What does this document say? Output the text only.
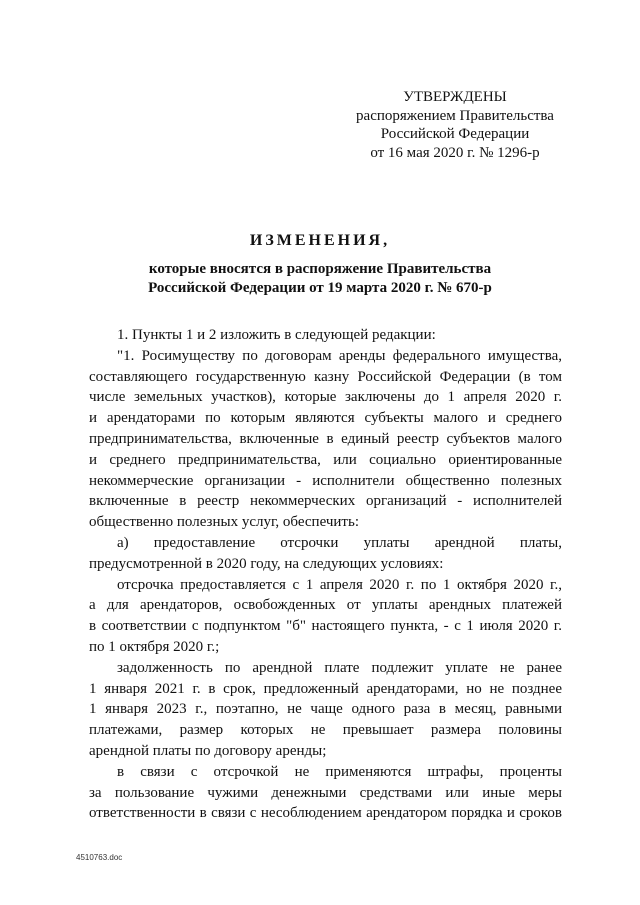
УТВЕРЖДЕНЫ
распоряжением Правительства
Российской Федерации
от 16 мая 2020 г. № 1296-р
ИЗМЕНЕНИЯ,
которые вносятся в распоряжение Правительства
Российской Федерации от 19 марта 2020 г. № 670-р
1. Пункты 1 и 2 изложить в следующей редакции:
"1. Росимуществу по договорам аренды федерального имущества,
составляющего государственную казну Российской Федерации (в том
числе земельных участков), которые заключены до 1 апреля 2020 г.
и арендаторами по которым являются субъекты малого и среднего
предпринимательства, включенные в единый реестр субъектов малого
и среднего предпринимательства, или социально ориентированные
некоммерческие организации - исполнители общественно полезных
включенные в реестр некоммерческих организаций - исполнителей
общественно полезных услуг, обеспечить:
а) предоставление отсрочки уплаты арендной платы,
предусмотренной в 2020 году, на следующих условиях:
отсрочка предоставляется с 1 апреля 2020 г. по 1 октября 2020 г.,
а для арендаторов, освобожденных от уплаты арендных платежей
в соответствии с подпунктом "б" настоящего пункта, - с 1 июля 2020 г.
по 1 октября 2020 г.;
задолженность по арендной плате подлежит уплате не ранее
1 января 2021 г. в срок, предложенный арендаторами, но не позднее
1 января 2023 г., поэтапно, не чаще одного раза в месяц, равными
платежами, размер которых не превышает размера половины
арендной платы по договору аренды;
в связи с отсрочкой не применяются штрафы, проценты
за пользование чужими денежными средствами или иные меры
ответственности в связи с несоблюдением арендатором порядка и сроков
4510763.doc
